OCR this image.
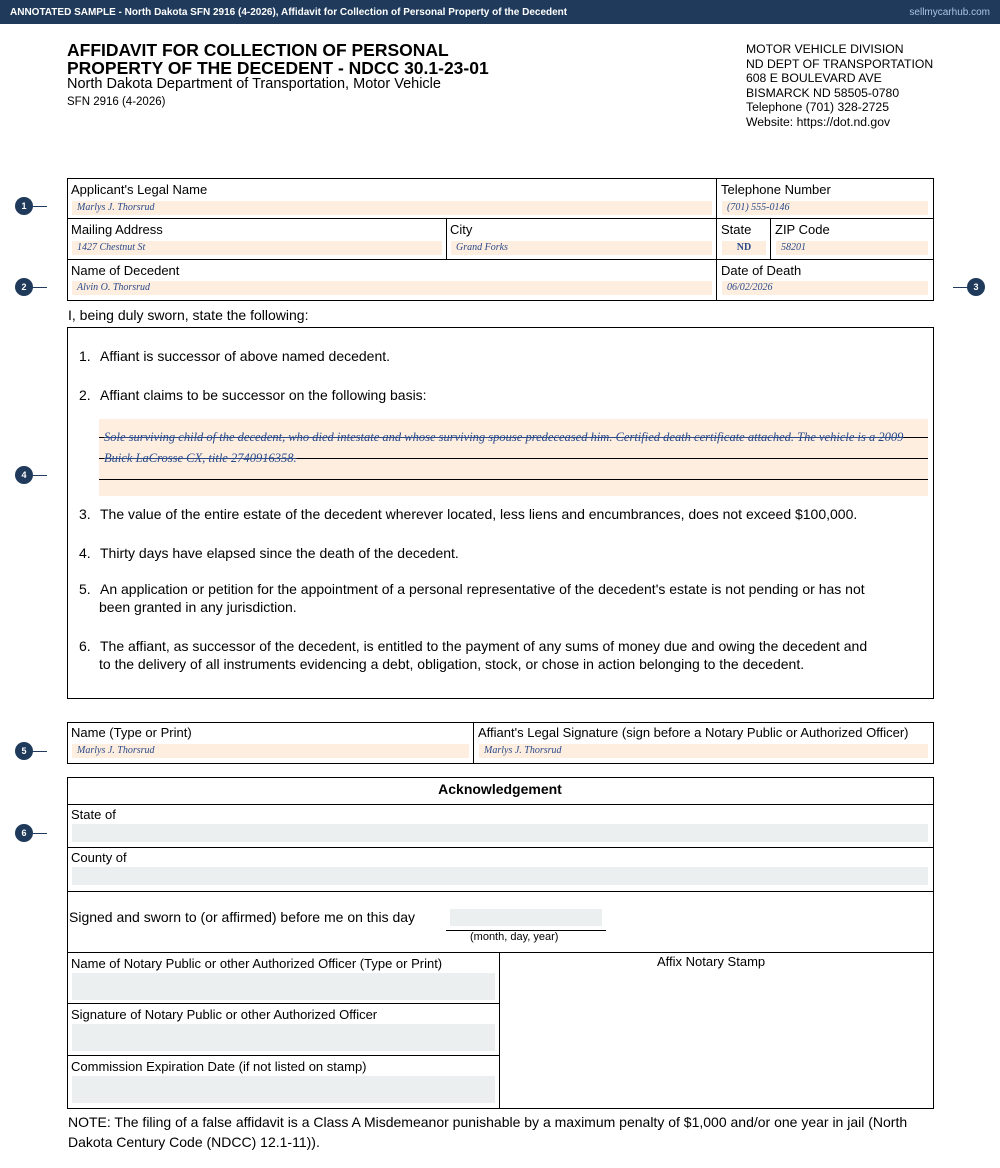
ANNOTATED SAMPLE - North Dakota SFN 2916 (4-2026), Affidavit for Collection of Personal Property of the Decedent	sellmycarhub.com
AFFIDAVIT FOR COLLECTION OF PERSONAL
PROPERTY OF THE DECEDENT - NDCC 30.1-23-01
North Dakota Department of Transportation, Motor Vehicle
SFN 2916 (4-2026)
MOTOR VEHICLE DIVISION
ND DEPT OF TRANSPORTATION
608 E BOULEVARD AVE
BISMARCK ND 58505-0780
Telephone (701) 328-2725
Website: https://dot.nd.gov
1
2	3
4
5
6
Applicant's Legal Name
Marlys J. Thorsrud
Telephone Number
(701) 555-0146
Mailing Address
1427 Chestnut St
City
Grand Forks
State
ND
ZIP Code
58201
Name of Decedent
Alvin O. Thorsrud
Date of Death
06/02/2026
I, being duly sworn, state the following:
1. Affiant is successor of above named decedent.
2. Affiant claims to be successor on the following basis:
Sole surviving child of the decedent, who died intestate and whose surviving spouse predeceased him. Certified death certificate attached. The vehicle is a 2009 Buick LaCrosse CX, title 2740916358.
3. The value of the entire estate of the decedent wherever located, less liens and encumbrances, does not exceed $100,000.
4. Thirty days have elapsed since the death of the decedent.
5. An application or petition for the appointment of a personal representative of the decedent's estate is not pending or has not
been granted in any jurisdiction.
6. The affiant, as successor of the decedent, is entitled to the payment of any sums of money due and owing the decedent and
to the delivery of all instruments evidencing a debt, obligation, stock, or chose in action belonging to the decedent.
Name (Type or Print)
Marlys J. Thorsrud
Affiant's Legal Signature (sign before a Notary Public or Authorized Officer)
Marlys J. Thorsrud
Acknowledgement
State of
County of
Signed and sworn to (or affirmed) before me on this day
(month, day, year)
Name of Notary Public or other Authorized Officer (Type or Print)	Affix Notary Stamp
Signature of Notary Public or other Authorized Officer
Commission Expiration Date (if not listed on stamp)
NOTE: The filing of a false affidavit is a Class A Misdemeanor punishable by a maximum penalty of $1,000 and/or one year in jail (North Dakota Century Code (NDCC) 12.1-11)).
